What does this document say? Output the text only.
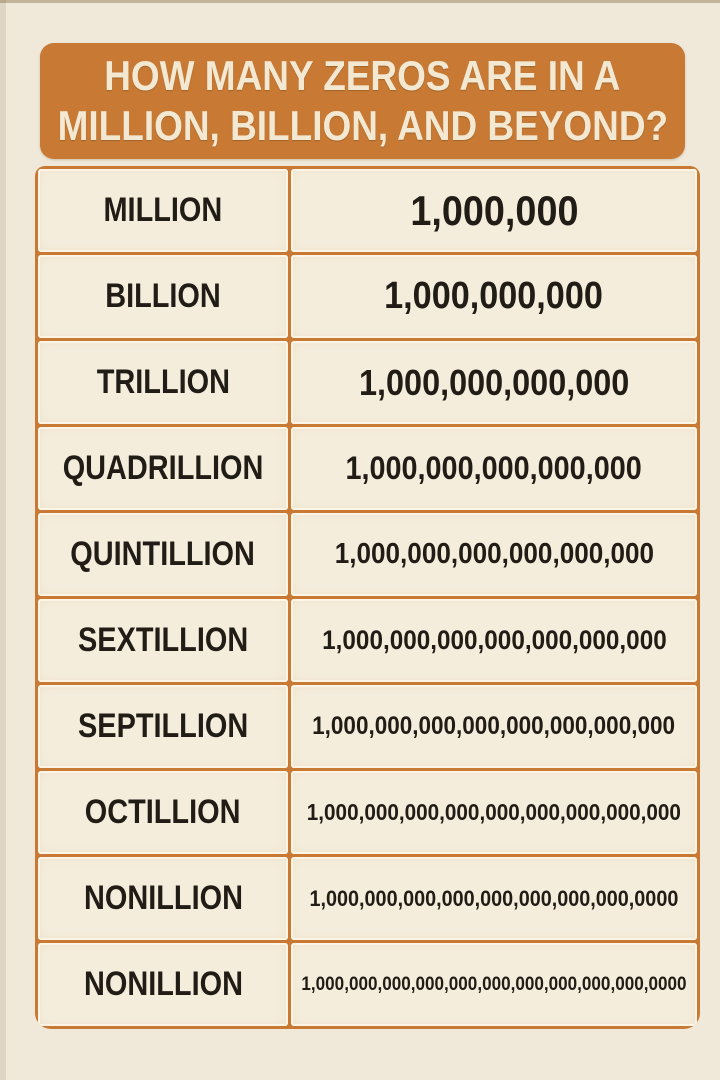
HOW MANY ZEROS ARE IN A
MILLION, BILLION, AND BEYOND?
MILLION	1,000,000
BILLION	1,000,000,000
TRILLION	1,000,000,000,000
QUADRILLION	1,000,000,000,000,000
QUINTILLION	1,000,000,000,000,000,000
SEXTILLION	1,000,000,000,000,000,000,000
SEPTILLION	1,000,000,000,000,000,000,000,000
OCTILLION	1,000,000,000,000,000,000,000,000,000
NONILLION	1,000,000,000,000,000,000,000,000,0000
NONILLION	1,000,000,000,000,000,000,000,000,000,000,0000
